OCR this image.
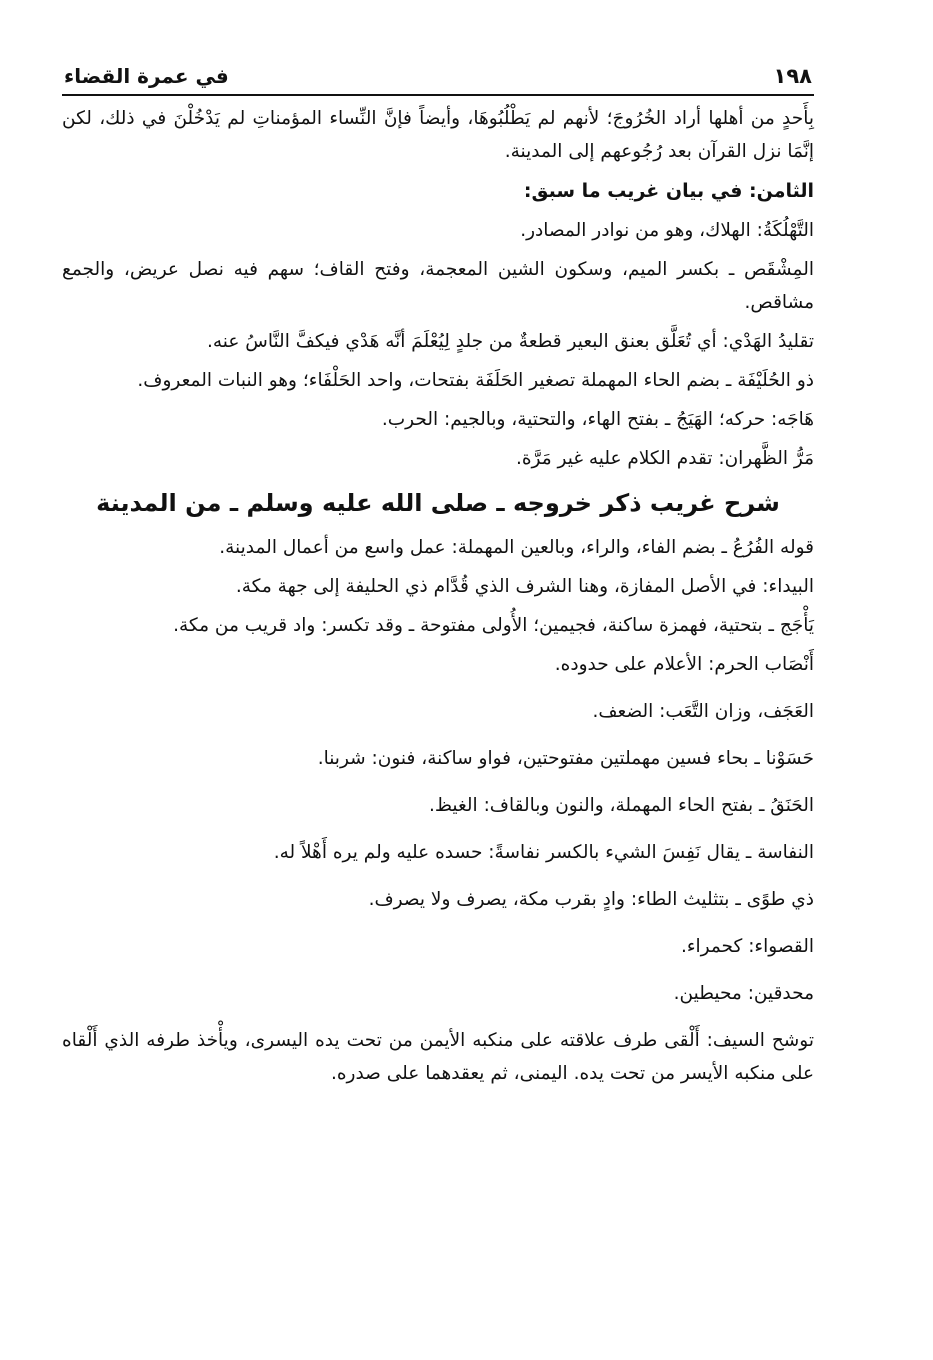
١٩٨
في عمرة القضاء

بِأَحدٍ من أهلها أراد الخُرُوجَ؛ لأنهم لم يَطْلُبُوهَا، وأيضاً فإنَّ النِّساء المؤمناتِ لم يَدْخُلْنَ في ذلك، لكن إنَّمَا نزل القرآن بعد رُجُوعهم إلى المدينة.

الثامن: في بيان غريب ما سبق:

التَّهْلُكَةُ: الهلاك، وهو من نوادر المصادر.

المِشْقَص ـ بكسر الميم، وسكون الشين المعجمة، وفتح القاف؛ سهم فيه نصل عريض، والجمع مشاقص.

تقليدُ الهَدْي: أي تُعَلَّق بعنق البعير قطعةٌ من جلدٍ لِيُعْلَمَ أنَّه هَدْي فيكفَّ النَّاسُ عنه.

ذو الحُلَيْفَة ـ بضم الحاء المهملة تصغير الحَلَفَة بفتحات، واحد الحَلْفَاء؛ وهو النبات المعروف.

هَاجَه: حركه؛ الهَيَجُ ـ بفتح الهاء، والتحتية، وبالجيم: الحرب.

مَرُّ الظَّهران: تقدم الكلام عليه غير مَرَّة.

شرح غريب ذكر خروجه ـ صلى الله عليه وسلم ـ من المدينة

قوله الفُرُعُ ـ بضم الفاء، والراء، وبالعين المهملة: عمل واسع من أعمال المدينة.

البيداء: في الأصل المفازة، وهنا الشرف الذي قُدَّام ذي الحليفة إلى جهة مكة.

يَأْجَج ـ بتحتية، فهمزة ساكنة، فجيمين؛ الأُولى مفتوحة ـ وقد تكسر: واد قريب من مكة.

أَنْصَاب الحرم: الأعلام على حدوده.

العَجَف، وزان التَّعَب: الضعف.

حَسَوْنا ـ بحاء فسين مهملتين مفتوحتين، فواو ساكنة، فنون: شربنا.

الحَنَقُ ـ بفتح الحاء المهملة، والنون وبالقاف: الغيظ.

النفاسة ـ يقال نَفِسَ الشيء بالكسر نفاسةً: حسده عليه ولم يره أَهْلاً له.

ذي طوًى ـ بتثليث الطاء: وادٍ بقرب مكة، يصرف ولا يصرف.

القصواء: كحمراء.

محدقين: محيطين.

توشح السيف: أَلْقى طرف علاقته على منكبه الأيمن من تحت يده اليسرى، ويأْخذ طرفه الذي أَلْقاه على منكبه الأيسر من تحت يده. اليمنى، ثم يعقدهما على صدره.
